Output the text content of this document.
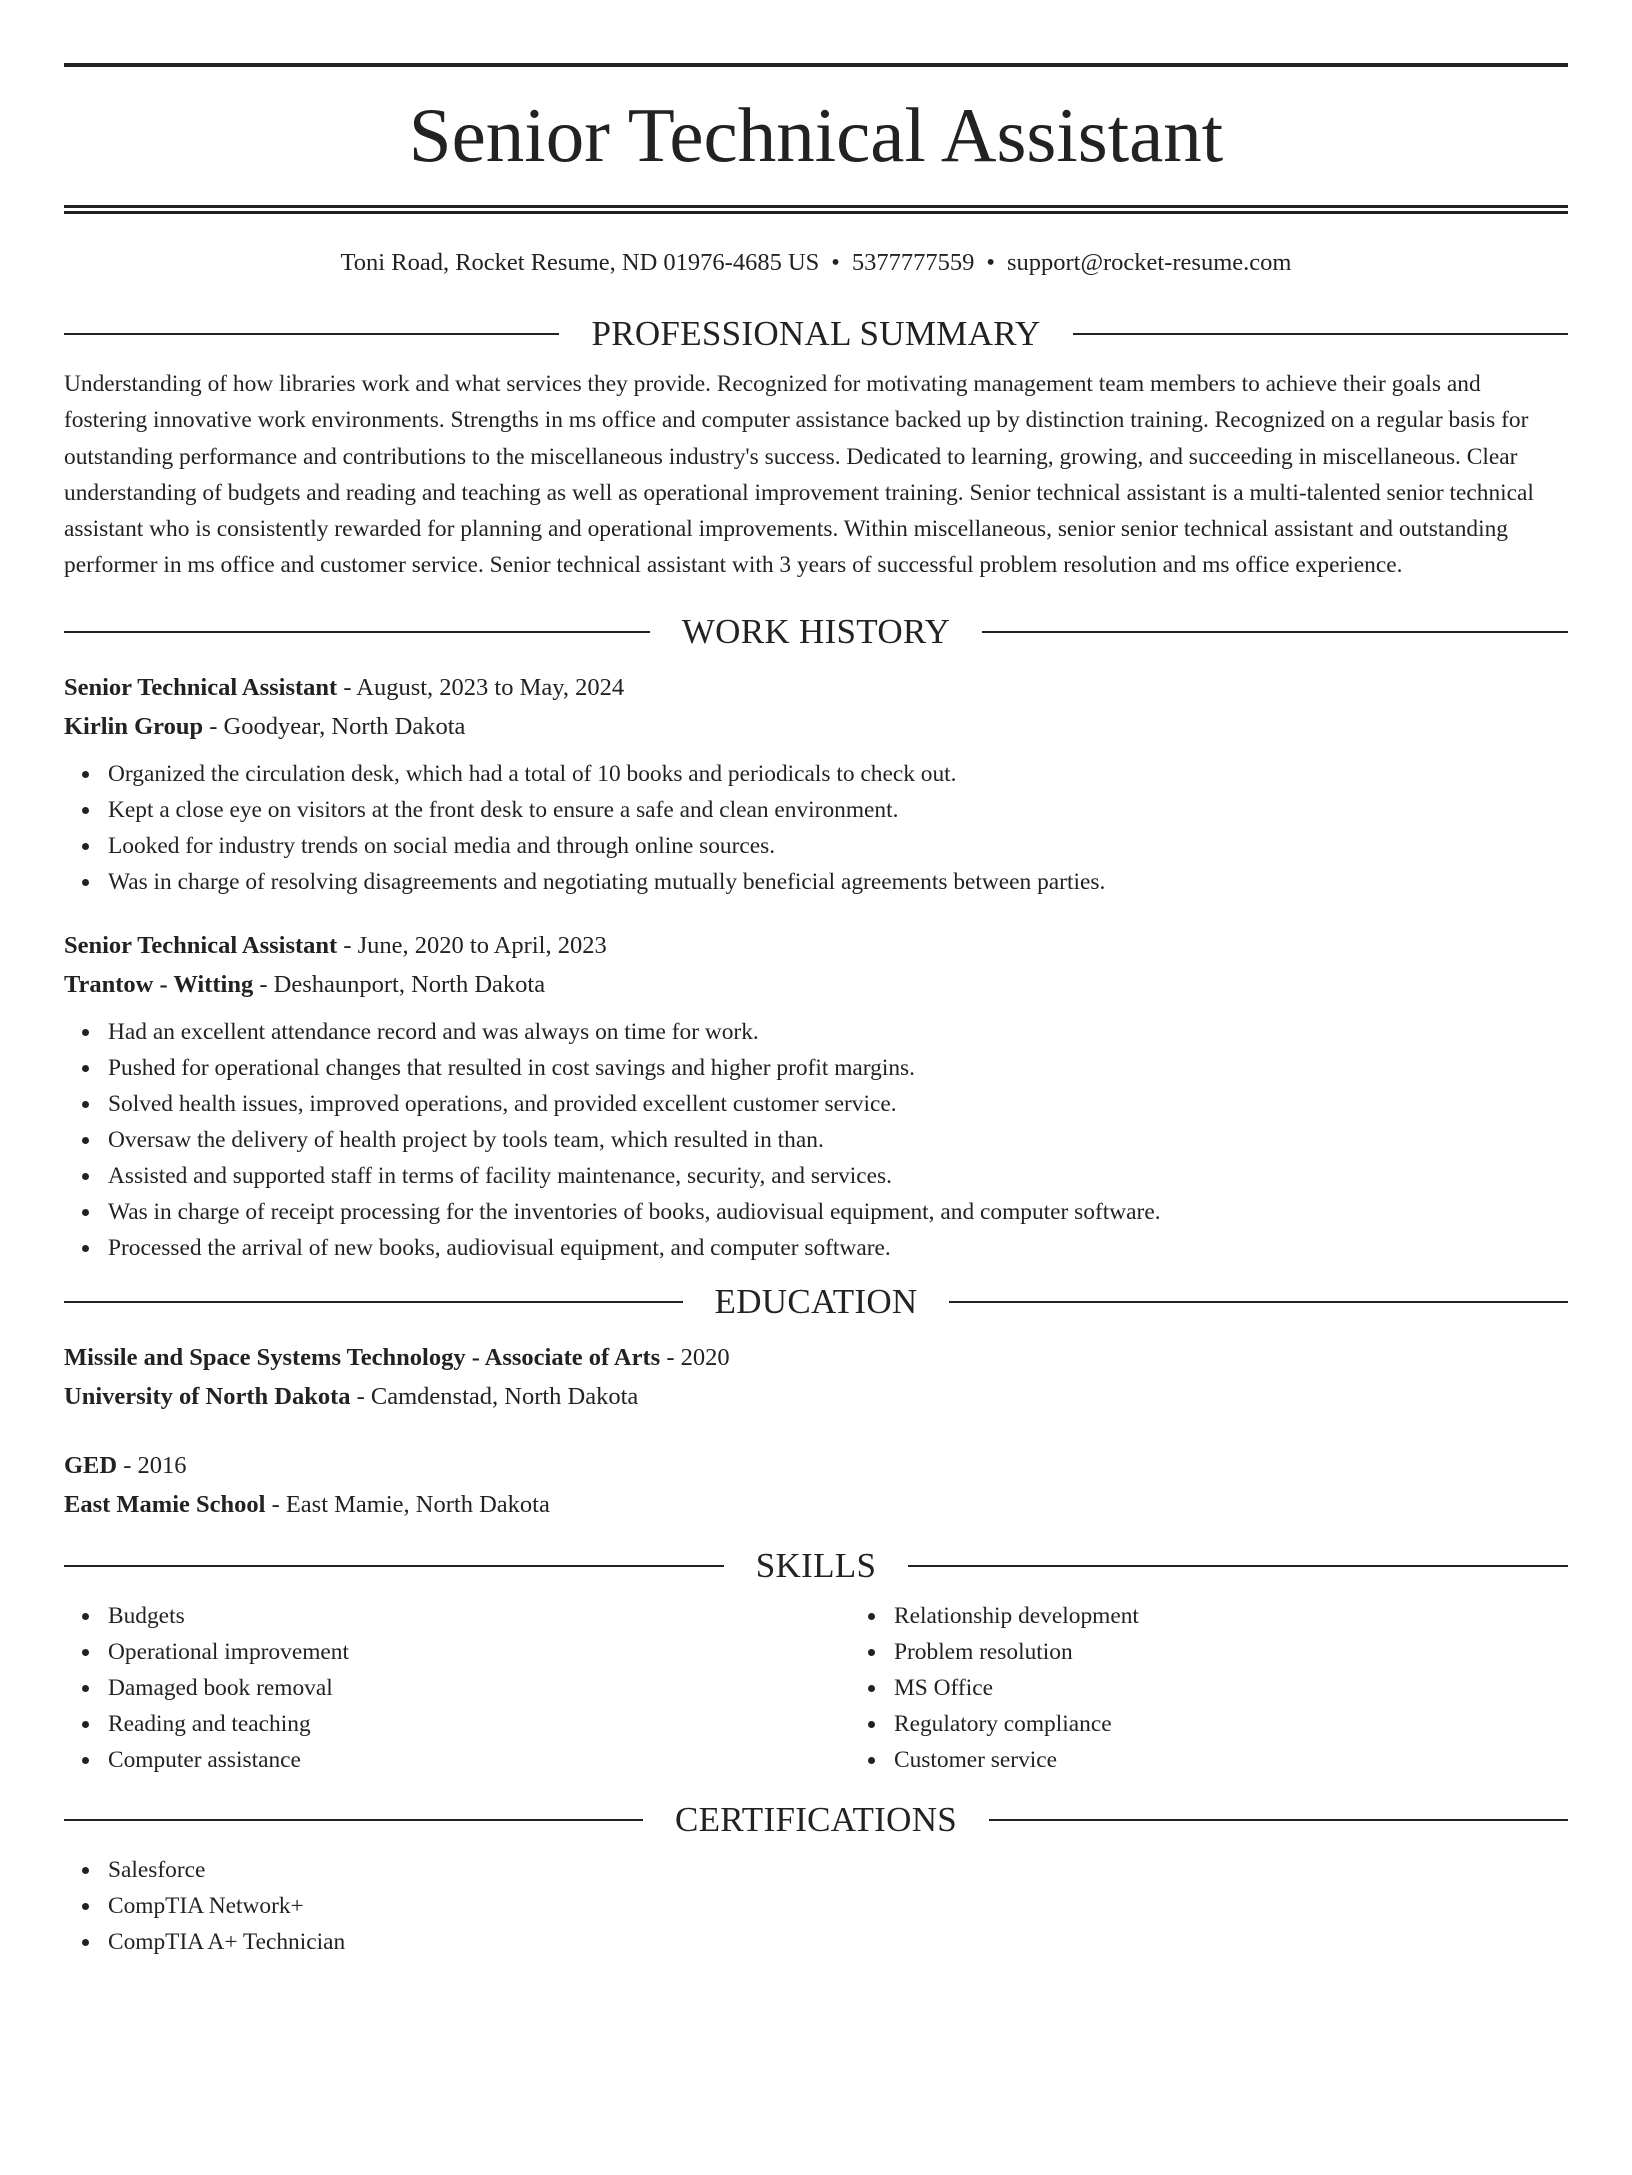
Senior Technical Assistant
Toni Road, Rocket Resume, ND 01976-4685 US • 5377777559 • support@rocket-resume.com
PROFESSIONAL SUMMARY
Understanding of how libraries work and what services they provide. Recognized for motivating management team members to achieve their goals and fostering innovative work environments. Strengths in ms office and computer assistance backed up by distinction training. Recognized on a regular basis for outstanding performance and contributions to the miscellaneous industry's success. Dedicated to learning, growing, and succeeding in miscellaneous. Clear understanding of budgets and reading and teaching as well as operational improvement training. Senior technical assistant is a multi-talented senior technical assistant who is consistently rewarded for planning and operational improvements. Within miscellaneous, senior senior technical assistant and outstanding performer in ms office and customer service. Senior technical assistant with 3 years of successful problem resolution and ms office experience.
WORK HISTORY
Senior Technical Assistant - August, 2023 to May, 2024
Kirlin Group - Goodyear, North Dakota
Organized the circulation desk, which had a total of 10 books and periodicals to check out.
Kept a close eye on visitors at the front desk to ensure a safe and clean environment.
Looked for industry trends on social media and through online sources.
Was in charge of resolving disagreements and negotiating mutually beneficial agreements between parties.
Senior Technical Assistant - June, 2020 to April, 2023
Trantow - Witting - Deshaunport, North Dakota
Had an excellent attendance record and was always on time for work.
Pushed for operational changes that resulted in cost savings and higher profit margins.
Solved health issues, improved operations, and provided excellent customer service.
Oversaw the delivery of health project by tools team, which resulted in than.
Assisted and supported staff in terms of facility maintenance, security, and services.
Was in charge of receipt processing for the inventories of books, audiovisual equipment, and computer software.
Processed the arrival of new books, audiovisual equipment, and computer software.
EDUCATION
Missile and Space Systems Technology - Associate of Arts - 2020
University of North Dakota - Camdenstad, North Dakota
GED - 2016
East Mamie School - East Mamie, North Dakota
SKILLS
Budgets
Operational improvement
Damaged book removal
Reading and teaching
Computer assistance
Relationship development
Problem resolution
MS Office
Regulatory compliance
Customer service
CERTIFICATIONS
Salesforce
CompTIA Network+
CompTIA A+ Technician
